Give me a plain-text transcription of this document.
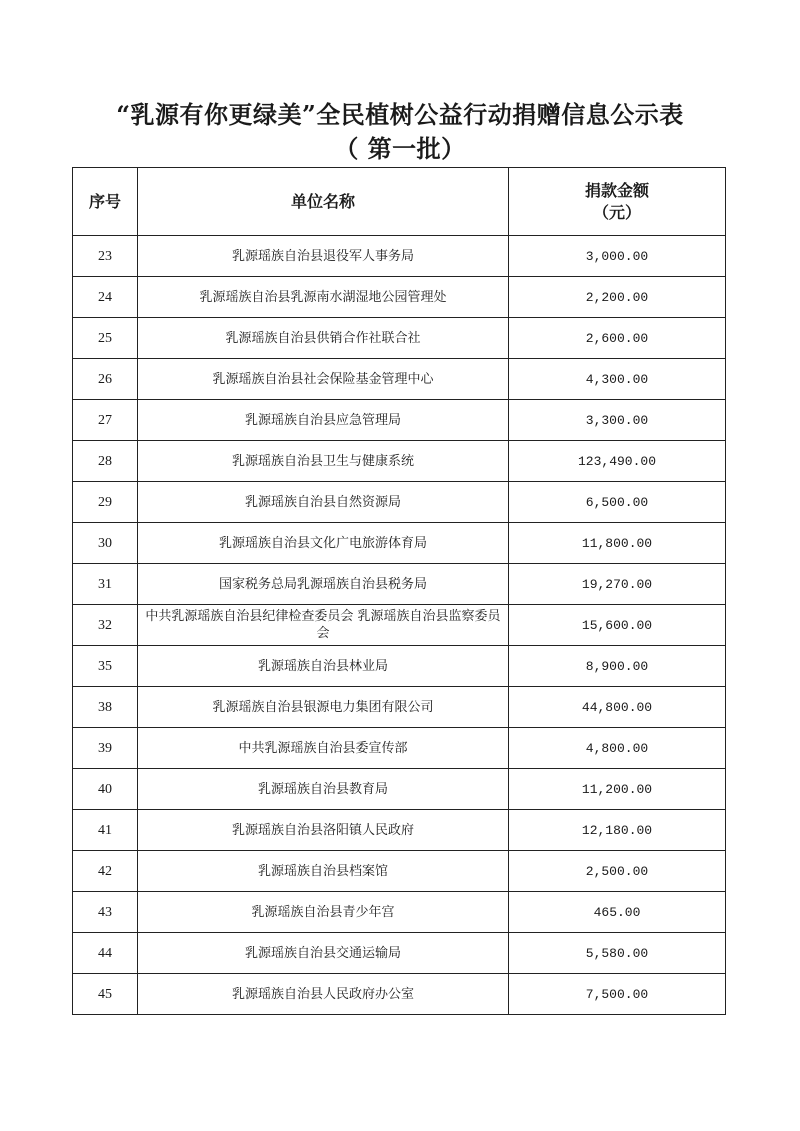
“乳源有你更绿美”全民植树公益行动捐赠信息公示表
（ 第一批）
序号	单位名称	捐款金额
（元）

23	乳源瑶族自治县退役军人事务局	3,000.00
24	乳源瑶族自治县乳源南水湖湿地公园管理处	2,200.00
25	乳源瑶族自治县供销合作社联合社	2,600.00
26	乳源瑶族自治县社会保险基金管理中心	4,300.00
27	乳源瑶族自治县应急管理局	3,300.00
28	乳源瑶族自治县卫生与健康系统	123,490.00
29	乳源瑶族自治县自然资源局	6,500.00
30	乳源瑶族自治县文化广电旅游体育局	11,800.00
31	国家税务总局乳源瑶族自治县税务局	19,270.00
32	中共乳源瑶族自治县纪律检查委员会 乳源瑶族自治县监察委员会	15,600.00
35	乳源瑶族自治县林业局	8,900.00
38	乳源瑶族自治县银源电力集团有限公司	44,800.00
39	中共乳源瑶族自治县委宣传部	4,800.00
40	乳源瑶族自治县教育局	11,200.00
41	乳源瑶族自治县洛阳镇人民政府	12,180.00
42	乳源瑶族自治县档案馆	2,500.00
43	乳源瑶族自治县青少年宫	465.00
44	乳源瑶族自治县交通运输局	5,580.00
45	乳源瑶族自治县人民政府办公室	7,500.00
